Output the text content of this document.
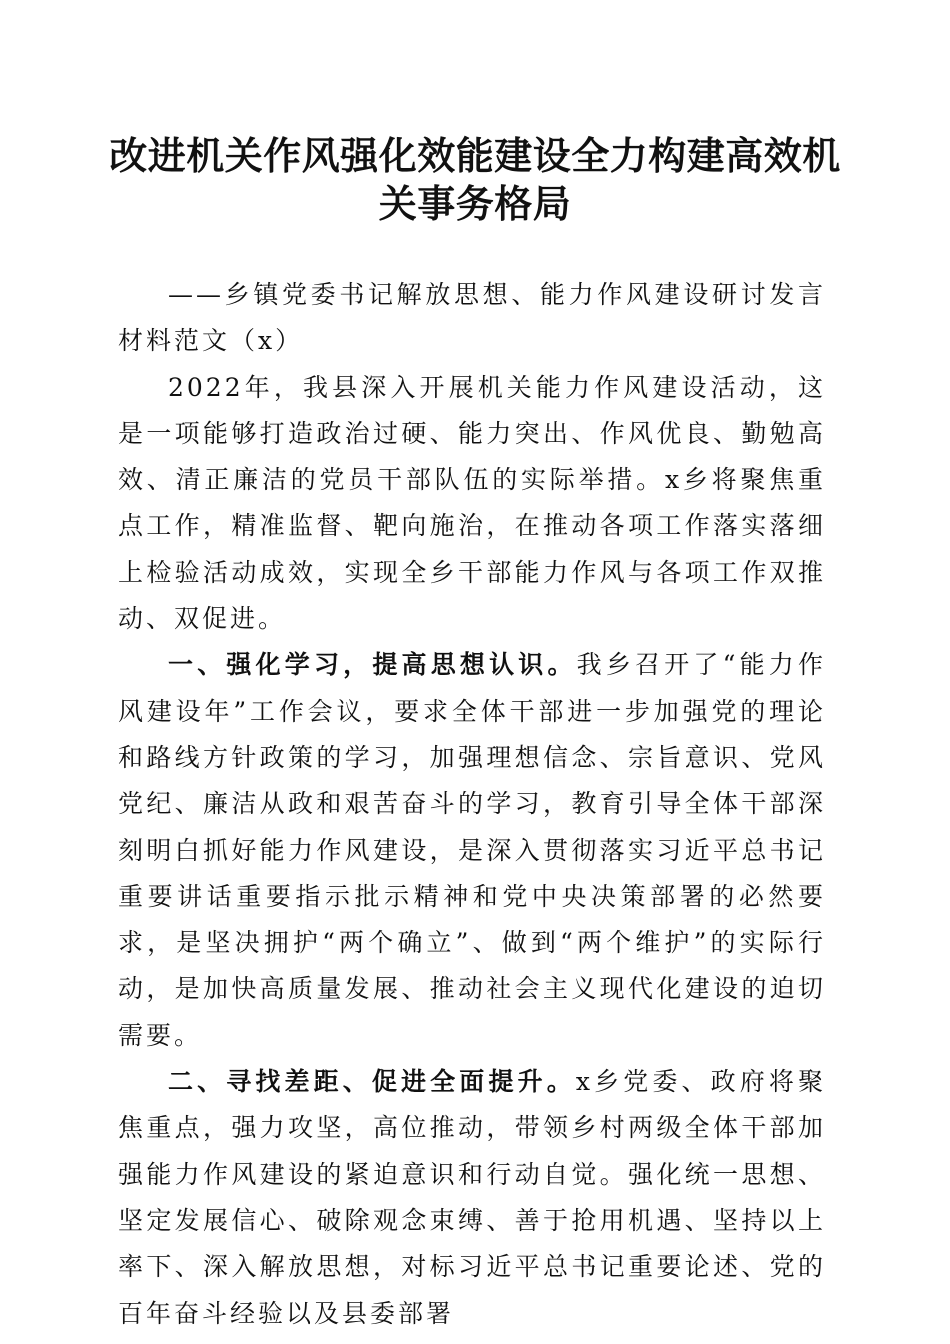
改进机关作风强化效能建设全力构建高效机关事务格局

——乡镇党委书记解放思想、能力作风建设研讨发言材料范文（x）

2022年，我县深入开展机关能力作风建设活动，这是一项能够打造政治过硬、能力突出、作风优良、勤勉高效、清正廉洁的党员干部队伍的实际举措。x乡将聚焦重点工作，精准监督、靶向施治，在推动各项工作落实落细上检验活动成效，实现全乡干部能力作风与各项工作双推动、双促进。

一、强化学习，提高思想认识。我乡召开了“能力作风建设年”工作会议，要求全体干部进一步加强党的理论和路线方针政策的学习，加强理想信念、宗旨意识、党风党纪、廉洁从政和艰苦奋斗的学习，教育引导全体干部深刻明白抓好能力作风建设，是深入贯彻落实习近平总书记重要讲话重要指示批示精神和党中央决策部署的必然要求，是坚决拥护“两个确立”、做到“两个维护”的实际行动，是加快高质量发展、推动社会主义现代化建设的迫切需要。

二、寻找差距、促进全面提升。x乡党委、政府将聚焦重点，强力攻坚，高位推动，带领乡村两级全体干部加强能力作风建设的紧迫意识和行动自觉。强化统一思想、坚定发展信心、破除观念束缚、善于抢用机遇、坚持以上率下、深入解放思想，对标习近平总书记重要论述、党的百年奋斗经验以及县委部署
